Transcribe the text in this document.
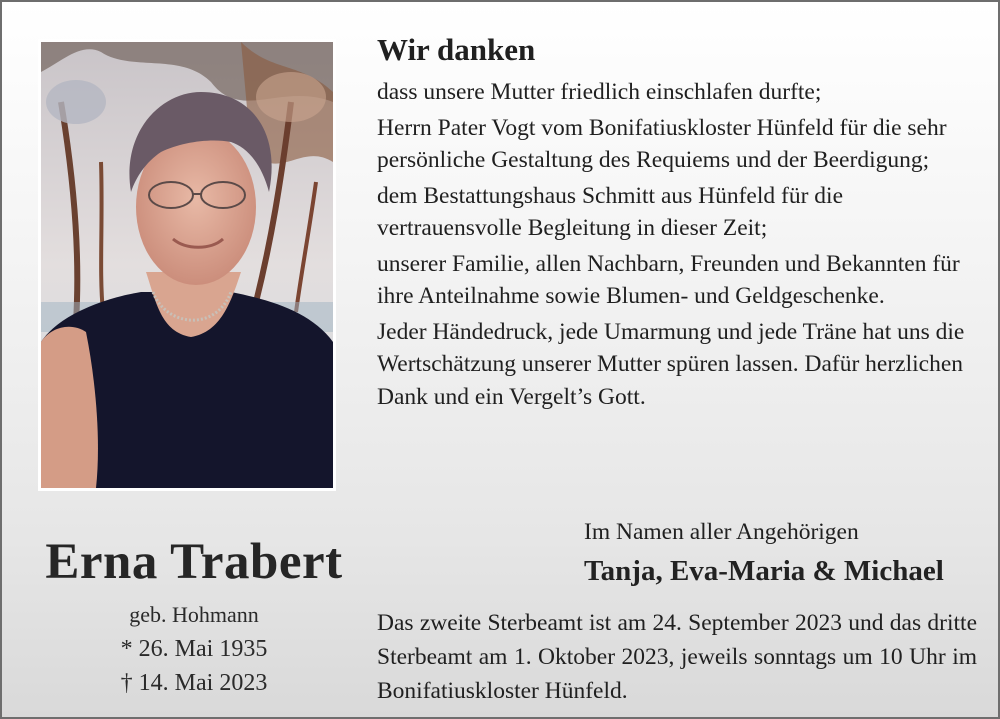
Erna Trabert
geb. Hohmann
* 26. Mai 1935
† 14. Mai 2023
Wir danken

dass unsere Mutter friedlich einschlafen durfte;

Herrn Pater Vogt vom Bonifatiuskloster Hünfeld für die sehr persönliche Gestaltung des Requiems und der Beerdigung;

dem Bestattungshaus Schmitt aus Hünfeld für die vertrauensvolle Begleitung in dieser Zeit;

unserer Familie, allen Nachbarn, Freunden und Bekannten für ihre Anteilnahme sowie Blumen- und Geldgeschenke.

Jeder Händedruck, jede Umarmung und jede Träne hat uns die Wertschätzung unserer Mutter spüren lassen. Dafür herzlichen Dank und ein Vergelt’s Gott.

Im Namen aller Angehörigen
Tanja, Eva-Maria & Michael
Das zweite Sterbeamt ist am 24. September 2023 und das dritte Sterbeamt am 1. Oktober 2023, jeweils sonntags um 10 Uhr im Bonifatiuskloster Hünfeld.
